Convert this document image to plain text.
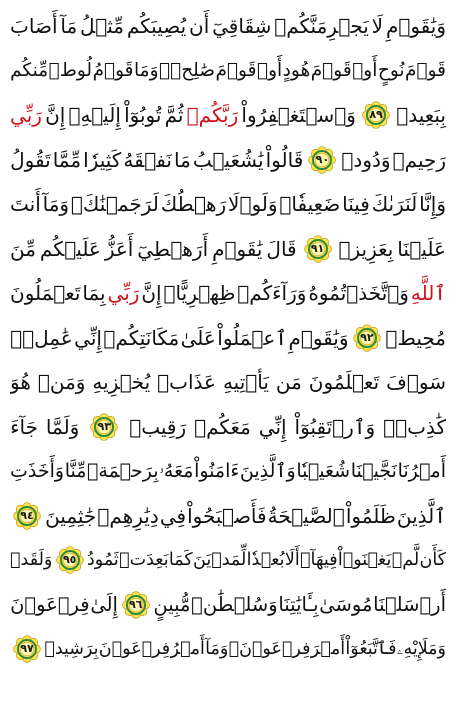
وَيَٰقَوۡمِ
لَا
يَجۡرِمَنَّكُمۡ
شِقَاقِيٓ
أَن
يُصِيبَكُم
مِّثۡلُ
مَآ
أَصَابَ
قَوۡمَ
نُوحٍ
أَوۡ
قَوۡمَ
هُودٍ
أَوۡ
قَوۡمَ
صَٰلِحٖۚ
وَمَا
قَوۡمُ
لُوطٖ
مِّنكُم
بِبَعِيدٖ
٨٩
وَٱسۡتَغۡفِرُواْ
رَبَّكُمۡ
ثُمَّ
تُوبُوٓاْ
إِلَيۡهِۚ
إِنَّ
رَبِّي
رَحِيمٞ
وَدُودٞ
٩٠
قَالُواْ
يَٰشُعَيۡبُ
مَا
نَفۡقَهُ
كَثِيرٗا
مِّمَّا
تَقُولُ
وَإِنَّا
لَنَرَىٰكَ
فِينَا
ضَعِيفٗاۖ
وَلَوۡلَا
رَهۡطُكَ
لَرَجَمۡنَٰكَۖ
وَمَآ
أَنتَ
عَلَيۡنَا
بِعَزِيزٖ
٩١
قَالَ
يَٰقَوۡمِ
أَرَهۡطِيٓ
أَعَزُّ
عَلَيۡكُم
مِّنَ
ٱللَّهِ
وَٱتَّخَذۡتُمُوهُ
وَرَآءَكُمۡ
ظِهۡرِيًّاۖ
إِنَّ
رَبِّي
بِمَا
تَعۡمَلُونَ
مُحِيطٞ
٩٢
وَيَٰقَوۡمِ
ٱعۡمَلُواْ
عَلَىٰ
مَكَانَتِكُمۡ
إِنِّي
عَٰمِلٞۖ
سَوۡفَ
تَعۡلَمُونَ
مَن
يَأۡتِيهِ
عَذَابٞ
يُخۡزِيهِ
وَمَنۡ
هُوَ
كَٰذِبٞۖ
وَٱرۡتَقِبُوٓاْ
إِنِّي
مَعَكُمۡ
رَقِيبٞ
٩٣
وَلَمَّا
جَآءَ
أَمۡرُنَا
نَجَّيۡنَا
شُعَيۡبٗا
وَٱلَّذِينَ
ءَامَنُواْ
مَعَهُۥ
بِرَحۡمَةٖ
مِّنَّا
وَأَخَذَتِ
ٱلَّذِينَ
ظَلَمُواْ
ٱلصَّيۡحَةُ
فَأَصۡبَحُواْ
فِي
دِيَٰرِهِمۡ
جَٰثِمِينَ
٩٤
كَأَن
لَّمۡ
يَغۡنَوۡاْ
فِيهَآۗ
أَلَا
بُعۡدٗا
لِّمَدۡيَنَ
كَمَا
بَعِدَتۡ
ثَمُودُ
٩٥
وَلَقَدۡ
أَرۡسَلۡنَا
مُوسَىٰ
بِـَٔايَٰتِنَا
وَسُلۡطَٰنٖ
مُّبِينٍ
٩٦
إِلَىٰ
فِرۡعَوۡنَ
وَمَلَإِيْهِۦ
فَٱتَّبَعُوٓاْ
أَمۡرَ
فِرۡعَوۡنَۖ
وَمَآ
أَمۡرُ
فِرۡعَوۡنَ
بِرَشِيدٖ
٩٧
